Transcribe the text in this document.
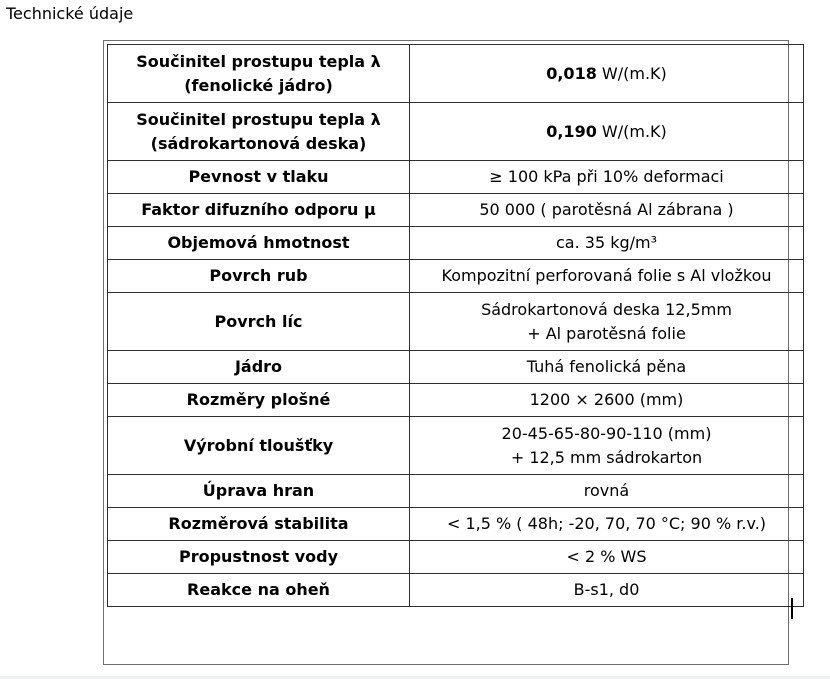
Technické údaje
Součinitel prostupu tepla λ
(fenolické jádro)	0,018 W/(m.K)

Součinitel prostupu tepla λ
(sádrokartonová deska)	0,190 W/(m.K)
Pevnost v tlaku	≥ 100 kPa při 10% deformaci
Faktor difuzního odporu μ	50 000 ( parotěsná Al zábrana )
Objemová hmotnost	ca. 35 kg/m³
Povrch rub	Kompozitní perforovaná folie s Al vložkou
Povrch líc	Sádrokartonová deska 12,5mm
+ Al parotěsná folie

Jádro	Tuhá fenolická pěna
Rozměry plošné	1200 × 2600 (mm)
Výrobní tloušťky	20-45-65-80-90-110 (mm)
+ 12,5 mm sádrokarton

Úprava hran	rovná
Rozměrová stabilita	< 1,5 % ( 48h; -20, 70, 70 °C; 90 % r.v.)
Propustnost vody	< 2 % WS
Reakce na oheň	B-s1, d0
